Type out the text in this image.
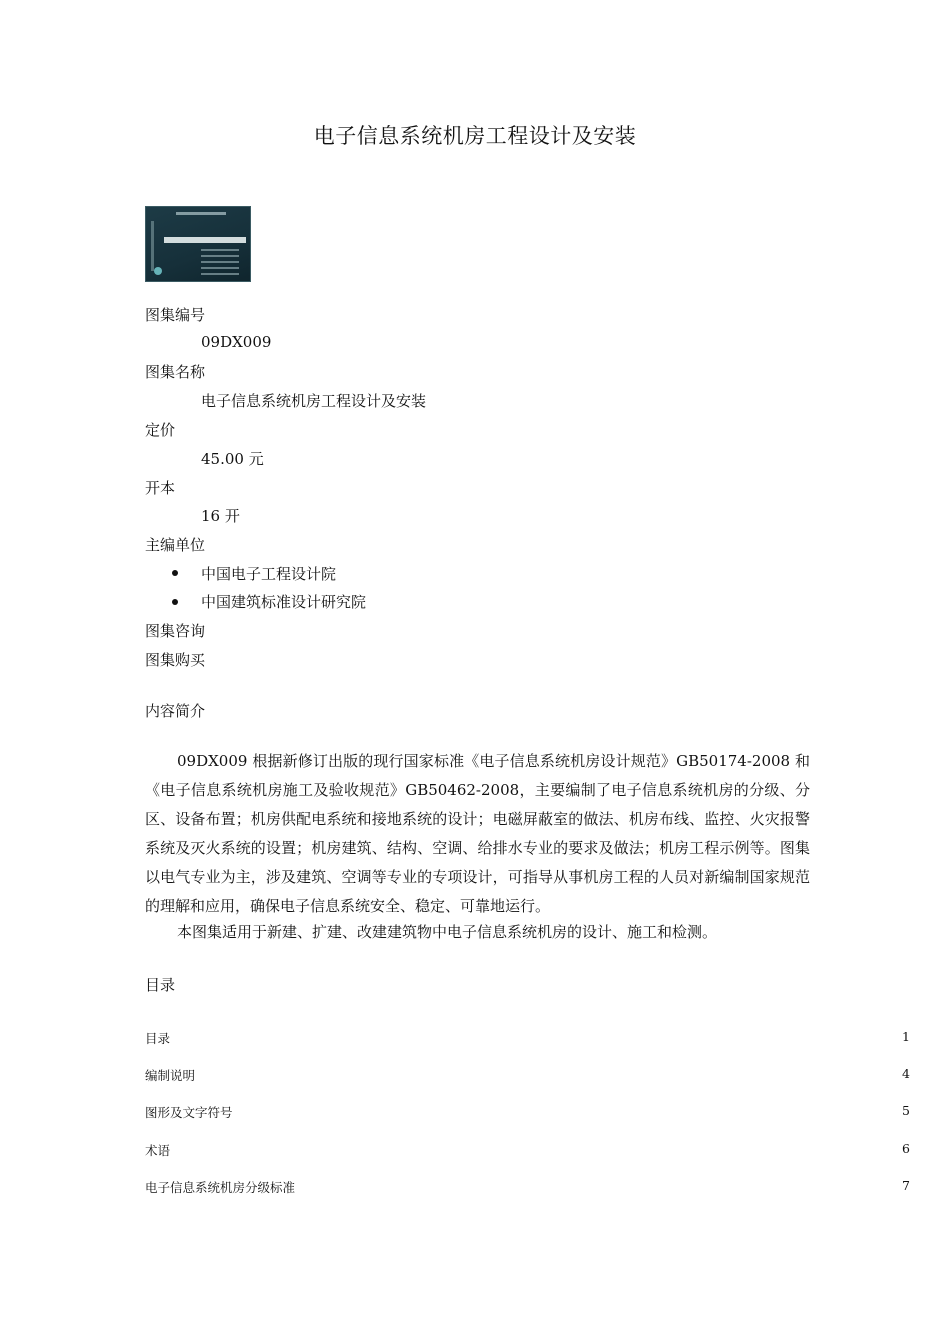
电子信息系统机房工程设计及安装
图集编号
09DX009
图集名称
电子信息系统机房工程设计及安装
定价
45.00 元
开本
16 开
主编单位
中国电子工程设计院
中国建筑标准设计研究院
图集咨询
图集购买
内容简介
09DX009 根据新修订出版的现行国家标准《电子信息系统机房设计规范》GB50174-2008 和《电子信息系统机房施工及验收规范》GB50462-2008，主要编制了电子信息系统机房的分级、分区、设备布置；机房供配电系统和接地系统的设计；电磁屏蔽室的做法、机房布线、监控、火灾报警系统及灭火系统的设置；机房建筑、结构、空调、给排水专业的要求及做法；机房工程示例等。图集以电气专业为主，涉及建筑、空调等专业的专项设计，可指导从事机房工程的人员对新编制国家规范的理解和应用，确保电子信息系统安全、稳定、可靠地运行。
本图集适用于新建、扩建、改建建筑物中电子信息系统机房的设计、施工和检测。
目录
目录	1
编制说明	4
图形及文字符号	5
术语	6
电子信息系统机房分级标准	7
